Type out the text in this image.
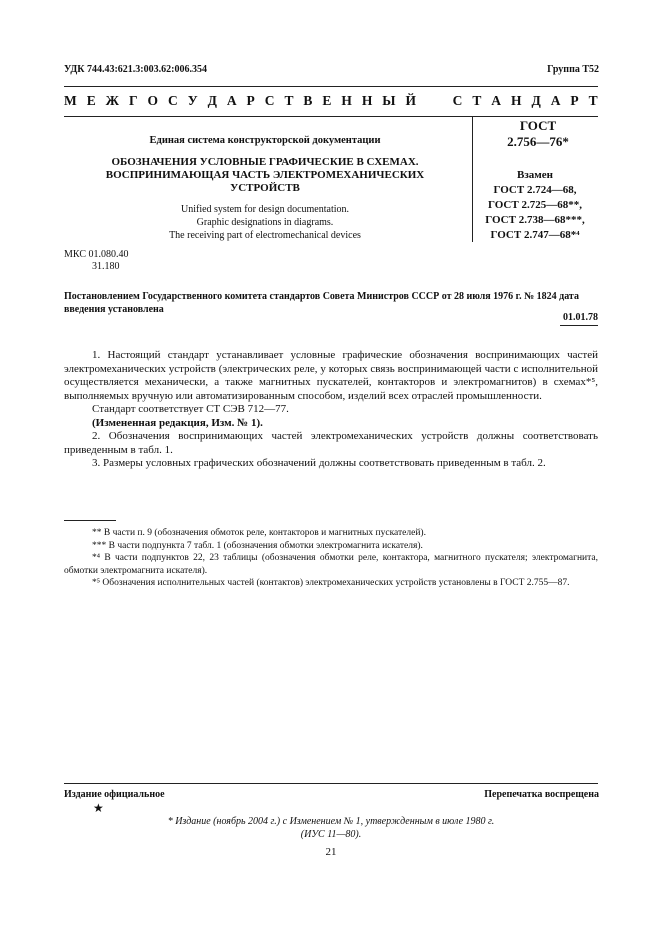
УДК 744.43:621.3:003.62:006.354	Группа Т52
М Е Ж Г О С У Д А Р С Т В Е Н Н Ы Й

	С Т А Н Д А Р Т
Единая система конструкторской документации
ОБОЗНАЧЕНИЯ УСЛОВНЫЕ ГРАФИЧЕСКИЕ В СХЕМАХ.
ВОСПРИНИМАЮЩАЯ ЧАСТЬ ЭЛЕКТРОМЕХАНИЧЕСКИХ
УСТРОЙСТВ
Unified system for design documentation.
Graphic designations in diagrams.
The receiving part of electromechanical devices
ГОСТ
2.756—76*
Взамен
ГОСТ 2.724—68,
ГОСТ 2.725—68**,
ГОСТ 2.738—68***,
ГОСТ 2.747—68*⁴
МКС 01.080.40
31.180
Постановлением Государственного комитета стандартов Совета Министров СССР от 28 июля 1976 г. № 1824 дата введения установлена
01.01.78

1. Настоящий стандарт устанавливает условные графические обозначения воспринимающих частей электромеханических устройств (электрических реле, у которых связь воспринимающей части с исполнительной осуществляется механически, а также магнитных пускателей, контакторов и электромагнитов) в схемах*⁵, выполняемых вручную или автоматизированным способом, изделий всех отраслей промышленности.

Стандарт соответствует СТ СЭВ 712—77.

(Измененная редакция, Изм. № 1).

2. Обозначения воспринимающих частей электромеханических устройств должны соответствовать приведенным в табл. 1.

3. Размеры условных графических обозначений должны соответствовать приведенным в табл. 2.

** В части п. 9 (обозначения обмоток реле, контакторов и магнитных пускателей).

*** В части подпункта 7 табл. 1 (обозначения обмотки электромагнита искателя).

*⁴ В части подпунктов 22, 23 таблицы (обозначения обмотки реле, контактора, магнитного пускателя; электромагнита, обмотки электромагнита искателя).

*⁵ Обозначения исполнительных частей (контактов) электромеханических устройств установлены в ГОСТ 2.755—87.

Издание официальное
★
Перепечатка воспрещена
* Издание (ноябрь 2004 г.) с Изменением № 1, утвержденным в июле 1980 г.
(ИУС 11—80).
21
